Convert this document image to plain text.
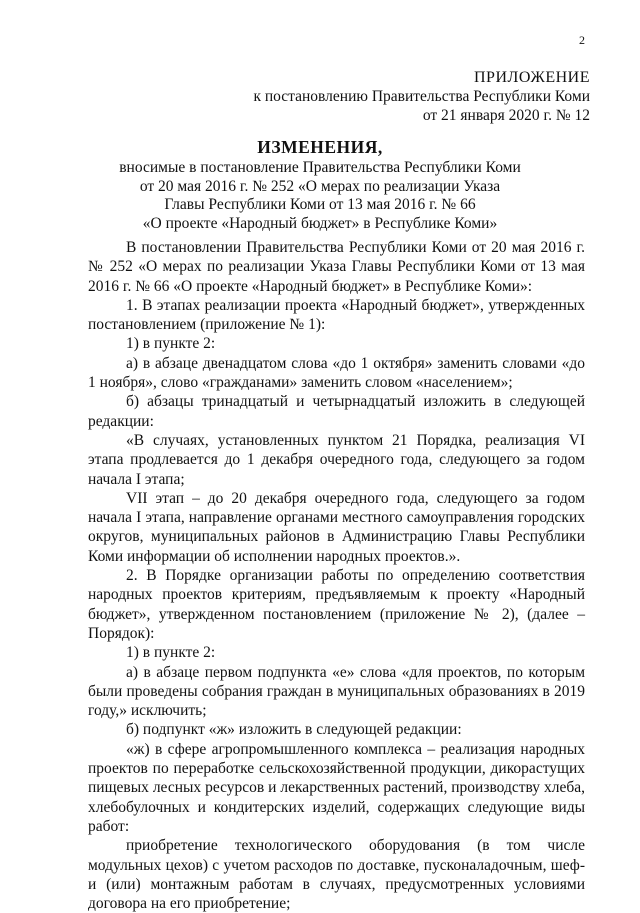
2
ПРИЛОЖЕНИЕ
к постановлению Правительства Республики Коми
от 21 января 2020 г. № 12
ИЗМЕНЕНИЯ,
вносимые в постановление Правительства Республики Коми
от 20 мая 2016 г. № 252 «О мерах по реализации Указа
Главы Республики Коми от 13 мая 2016 г. № 66
«О проекте «Народный бюджет» в Республике Коми»

В постановлении Правительства Республики Коми от 20 мая 2016 г. № 252 «О мерах по реализации Указа Главы Республики Коми от 13 мая 2016 г. № 66 «О проекте «Народный бюджет» в Республике Коми»:

1. В этапах реализации проекта «Народный бюджет», утвержденных постановлением (приложение № 1):

1) в пункте 2:

а) в абзаце двенадцатом слова «до 1 октября» заменить словами «до 1 ноября», слово «гражданами» заменить словом «населением»;

б) абзацы тринадцатый и четырнадцатый изложить в следующей редакции:

«В случаях, установленных пунктом 21 Порядка, реализация VI этапа продлевается до 1 декабря очередного года, следующего за годом начала I этапа;

VII этап – до 20 декабря очередного года, следующего за годом начала I этапа, направление органами местного самоуправления городских округов, муниципальных районов в Администрацию Главы Республики Коми информации об исполнении народных проектов.».

2. В Порядке организации работы по определению соответствия народных проектов критериям, предъявляемым к проекту «Народный бюджет», утвержденном постановлением (приложение № 2), (далее – Порядок):

1) в пункте 2:

а) в абзаце первом подпункта «е» слова «для проектов, по которым были проведены собрания граждан в муниципальных образованиях в 2019 году,» исключить;

б) подпункт «ж» изложить в следующей редакции:

«ж) в сфере агропромышленного комплекса – реализация народных проектов по переработке сельскохозяйственной продукции, дикорастущих пищевых лесных ресурсов и лекарственных растений, производству хлеба, хлебобулочных и кондитерских изделий, содержащих следующие виды работ:

приобретение технологического оборудования (в том числе модульных цехов) с учетом расходов по доставке, пусконаладочным, шеф- и (или) монтажным работам в случаях, предусмотренных условиями договора на его приобретение;
